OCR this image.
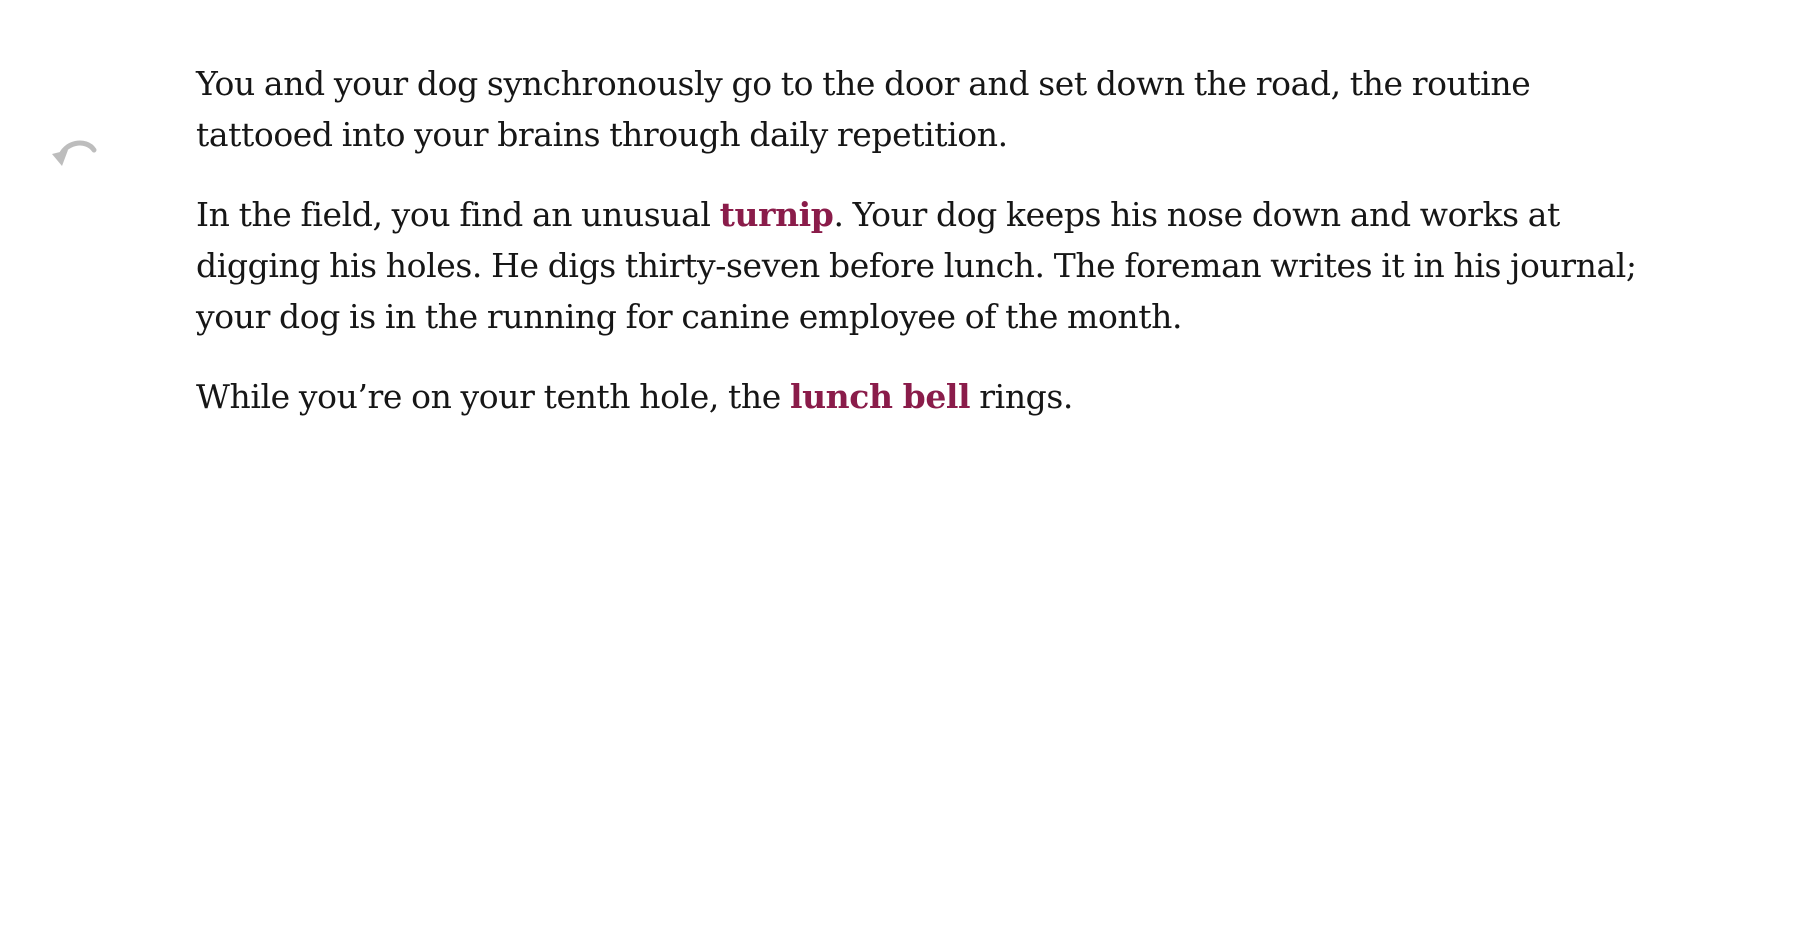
You and your dog synchronously go to the door and set down the road, the routine tattooed into your brains through daily repetition.

In the field, you find an unusual turnip. Your dog keeps his nose down and works at digging his holes. He digs thirty-seven before lunch. The foreman writes it in his journal; your dog is in the running for canine employee of the month.

While you’re on your tenth hole, the lunch bell rings.
